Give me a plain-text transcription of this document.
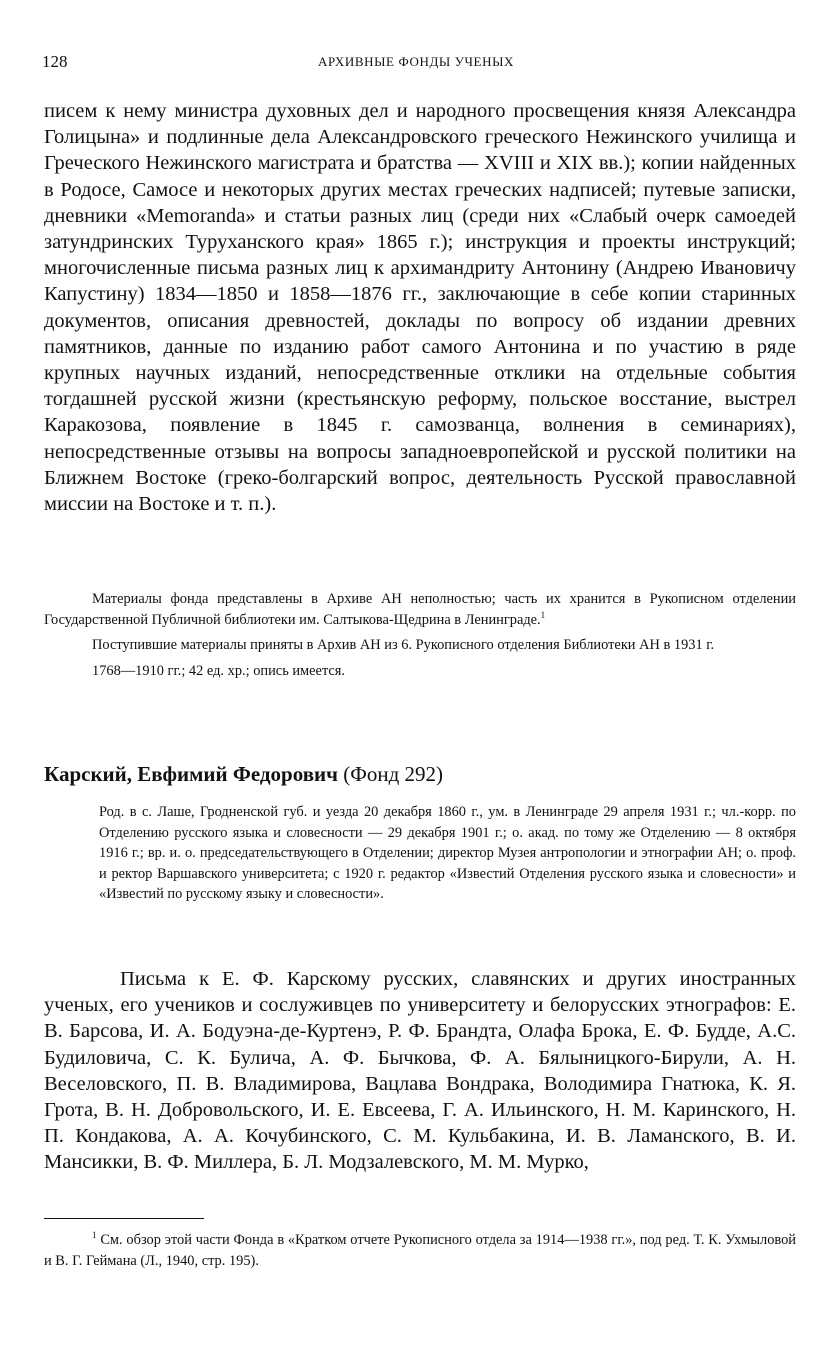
128	АРХИВНЫЕ ФОНДЫ УЧЕНЫХ

писем к нему министра духовных дел и народного просвещения князя Александра Голицына» и подлинные дела Александровского греческого Нежинского училища и Греческого Нежинского магистрата и братства — XVIII и XIX вв.); копии найденных в Родосе, Самосе и некоторых других местах греческих надписей; путевые записки, дневники «Memoranda» и статьи разных лиц (среди них «Слабый очерк самоедей затундринских Туруханского края» 1865 г.); инструкция и проекты инструкций; многочисленные письма разных лиц к архимандриту Антонину (Андрею Ивановичу Капустину) 1834—1850 и 1858—1876 гг., заключающие в себе копии старинных документов, описания древностей, доклады по вопросу об издании древних памятников, данные по изданию работ самого Антонина и по участию в ряде крупных научных изданий, непосредственные отклики на отдельные события тогдашней русской жизни (крестьянскую реформу, польское восстание, выстрел Каракозова, появление в 1845 г. самозванца, волнения в семинариях), непосредственные отзывы на вопросы западноевропейской и русской политики на Ближнем Востоке (греко-болгарский вопрос, деятельность Русской православной миссии на Востоке и т. п.).

Материалы фонда представлены в Архиве АН неполностью; часть их хранится в Рукописном отделении Государственной Публичной библиотеки им. Салтыкова-Щедрина в Ленинграде.$^1$

Поступившие материалы приняты в Архив АН из 6. Рукописного отделения Библиотеки АН в 1931 г.

1768—1910 гг.; 42 ед. хр.; опись имеется.

Карский, Евфимий Федорович (Фонд 292)

Род. в с. Лаше, Гродненской губ. и уезда 20 декабря 1860 г., ум. в Ленинграде 29 апреля 1931 г.; чл.-корр. по Отделению русского языка и словесности — 29 декабря 1901 г.; о. акад. по тому же Отделению — 8 октября 1916 г.; вр. и. о. председательствующего в Отделении; директор Музея антропологии и этнографии АН; о. проф. и ректор Варшавского университета; с 1920 г. редактор «Известий Отделения русского языка и словесности» и «Известий по русскому языку и словесности».

Письма к Е. Ф. Карскому русских, славянских и других иностранных ученых, его учеников и сослуживцев по университету и белорусских этнографов: Е. В. Барсова, И. А. Бодуэна-де-Куртенэ, Р. Ф. Брандта, Олафа Брока, Е. Ф. Будде, А.С. Будиловича, С. К. Булича, А. Ф. Бычкова, Ф. А. Бялыницкого-Бирули, А. Н. Веселовского, П. В. Владимирова, Вацлава Вондрака, Володимира Гнатюка, К. Я. Грота, В. Н. Добровольского, И. Е. Евсеева, Г. А. Ильинского, Н. М. Каринского, Н. П. Кондакова, А. А. Кочубинского, С. М. Кульбакина, И. В. Ламанского, В. И. Мансикки, В. Ф. Миллера, Б. Л. Модзалевского, М. М. Мурко,

$^1$ См. обзор этой части Фонда в «Кратком отчете Рукописного отдела за 1914—1938 гг.», под ред. Т. К. Ухмыловой и В. Г. Геймана (Л., 1940, стр. 195).
